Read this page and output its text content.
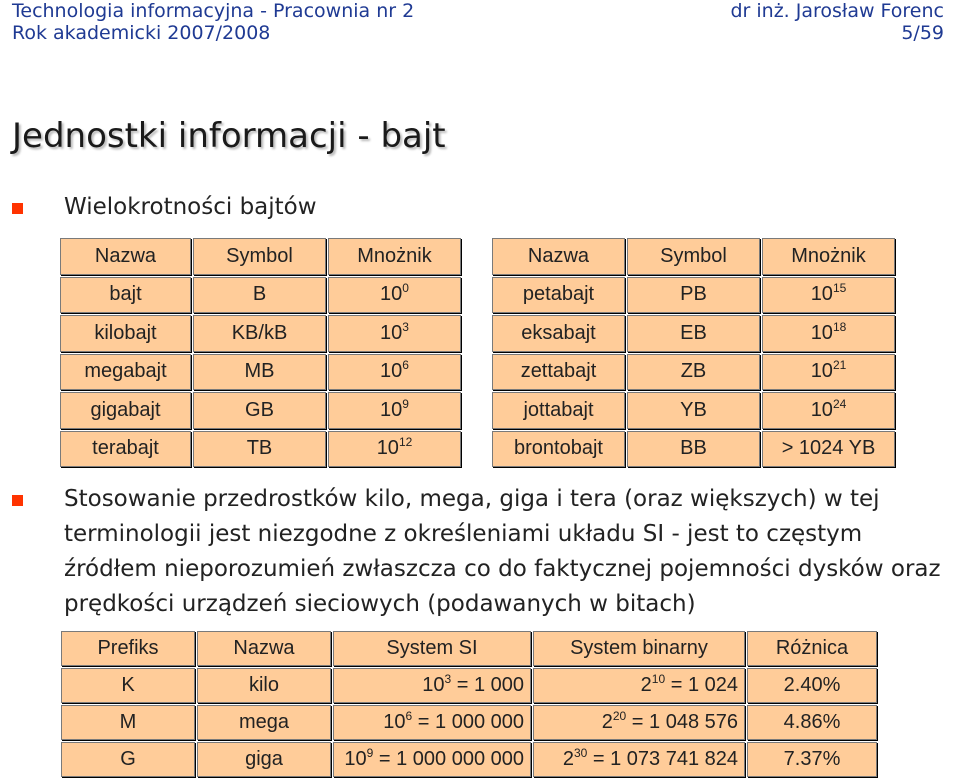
Technologia informacyjna - Pracownia nr 2
Rok akademicki 2007/2008
dr inż. Jarosław Forenc
5/59
Jednostki informacji - bajt
Wielokrotności bajtów
Nazwa	Symbol	Mnożnik
bajt	B	$10^0$
kilobajt	KB/kB	$10^3$
megabajt	MB	$10^6$
gigabajt	GB	$10^9$
terabajt	TB	$10^{12}$
Nazwa	Symbol	Mnożnik
petabajt	PB	$10^{15}$
eksabajt	EB	$10^{18}$
zettabajt	ZB	$10^{21}$
jottabajt	YB	$10^{24}$
brontobajt	BB	> 1024 YB
Stosowanie przedrostków kilo, mega, giga i tera (oraz większych) w tej terminologii jest niezgodne z określeniami układu SI - jest to częstym źródłem nieporozumień zwłaszcza co do faktycznej pojemności dysków oraz prędkości urządzeń sieciowych (podawanych w bitach)
Prefiks	Nazwa	System SI	System binarny	Różnica
K	kilo	$10^3 = 1$ 000	$2^{10} = 1$ 024	2.40%
M	mega	$10^6 = 1$ 000 000	$2^{20} = 1$ 048 576	4.86%
G	giga	$10^9 = 1$ 000 000 000	$2^{30} = 1$ 073 741 824	7.37%
